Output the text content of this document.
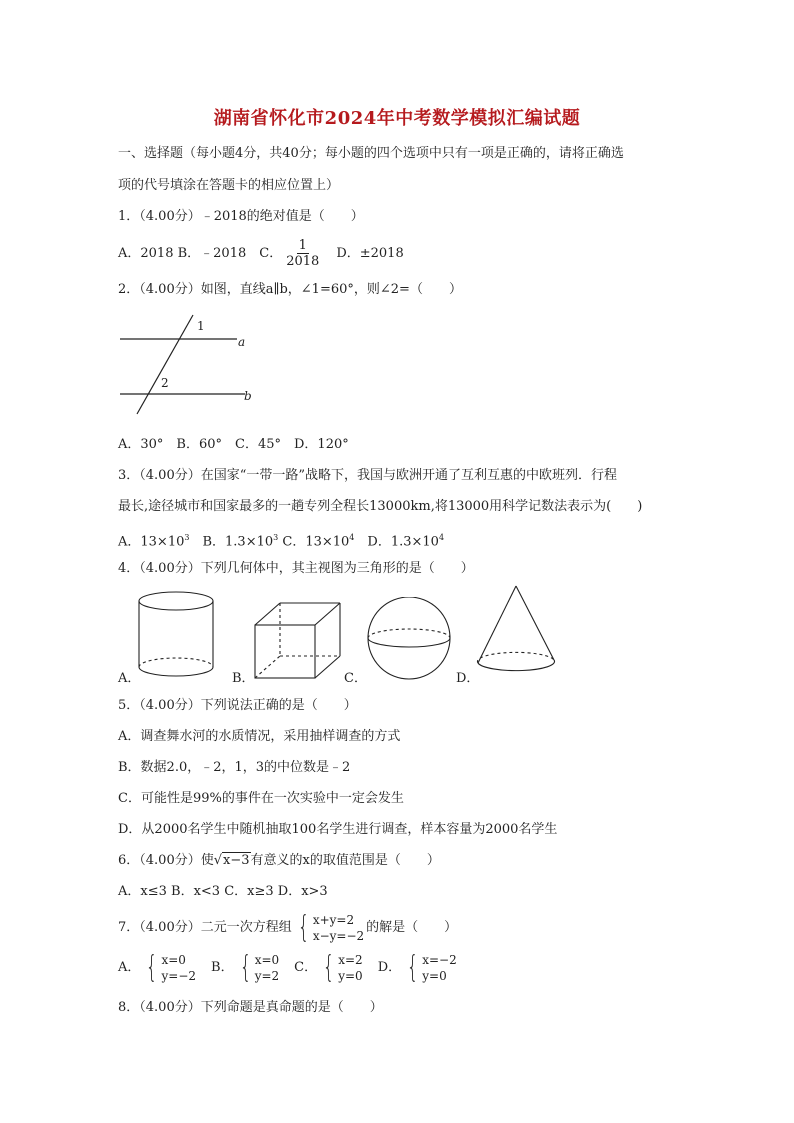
湖南省怀化市2024年中考数学模拟汇编试题
一、选择题（每小题4分，共40分；每小题的四个选项中只有一项是正确的，请将正确选
项的代号填涂在答题卡的相应位置上）
1．（4.00分）﹣2018的绝对值是（　　）
A．2018 B．﹣2018　C． $\frac{1}{2018}$
　 D．±2018
2．（4.00分）如图，直线a∥b，∠1=60°，则∠2=（　　）
1
2
a
b
A．30°　B．60°　C．45°　D．120°
3．（4.00分）在国家“一带一路”战略下，我国与欧洲开通了互利互惠的中欧班列．行程
最长,途径城市和国家最多的一趟专列全程长13000km,将13000用科学记数法表示为(　　)
A．$13\times 10^3$　B．$1.3\times 10^3$ C．$13\times 10^4$　D．$1.3\times 10^4$
4．（4.00分）下列几何体中，其主视图为三角形的是（　　）
A．	B．	C．	D．
5．（4.00分）下列说法正确的是（　　）
A．调查舞水河的水质情况，采用抽样调查的方式
B．数据2.0，﹣2，1，3的中位数是﹣2
C．可能性是99%的事件在一次实验中一定会发生
D．从2000名学生中随机抽取100名学生进行调查，样本容量为2000名学生
6．（4.00分）使√x−3有意义的x的取值范围是（　　）
A．x≤3 B．x<3 C．x≥3 D．x>3
7．（4.00分）二元一次方程组 { x+y=2
x−y=−2
的解是（　　）
A． { x=0
y=−2
　B． { x=0
y=2
　C． { x=2
y=0
　D． { x=−2
y=0
8．（4.00分）下列命题是真命题的是（　　）
